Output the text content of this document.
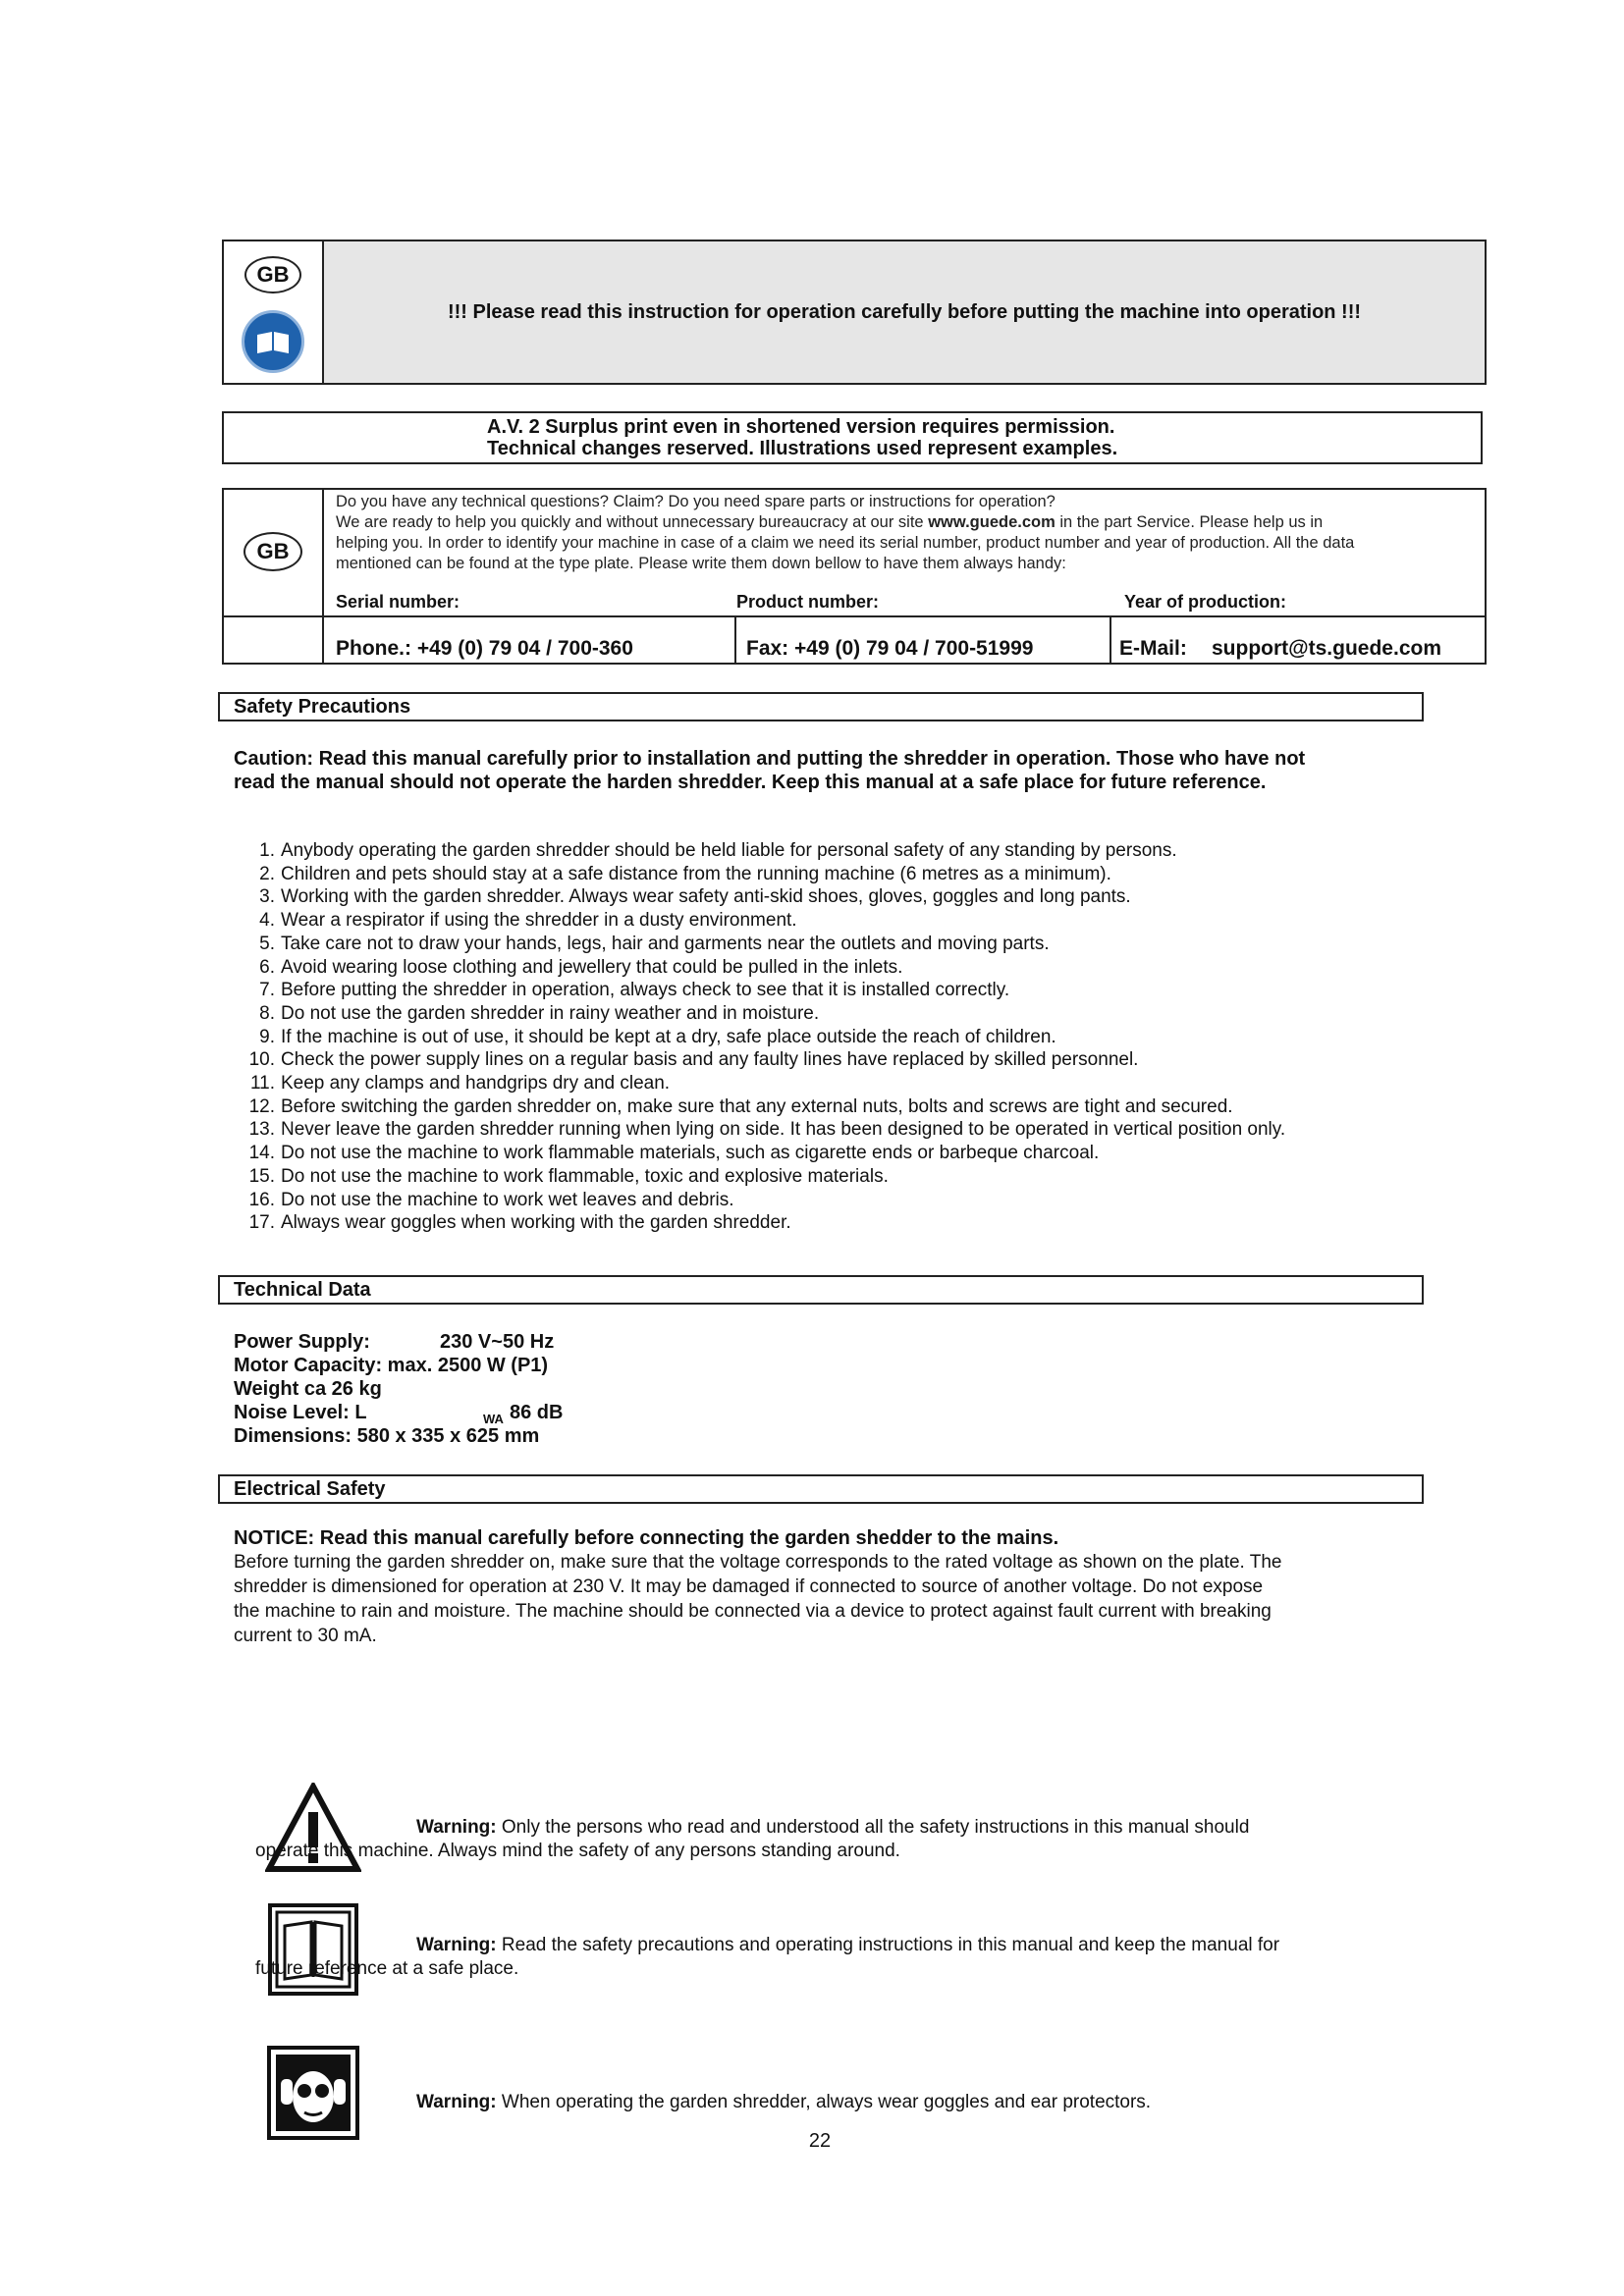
GB
!!! Please read this instruction for operation carefully before putting the machine into operation !!!
A.V. 2 Surplus print even in shortened version requires permission.
Technical changes reserved. Illustrations used represent examples.
GB
Do you have any technical questions? Claim? Do you need spare parts or instructions for operation?
We are ready to help you quickly and without unnecessary bureaucracy at our site www.guede.com in the part Service. Please help us in
helping you. In order to identify your machine in case of a claim we need its serial number, product number and year of production. All the data
mentioned can be found at the type plate. Please write them down bellow to have them always handy:
Serial number:	Product number:	Year of production:
Phone.: +49 (0) 79 04 / 700-360	Fax: +49 (0) 79 04 / 700-51999	E-Mail: support@ts.guede.com
Safety Precautions
Caution: Read this manual carefully prior to installation and putting the shredder in operation. Those who have not
read the manual should not operate the harden shredder. Keep this manual at a safe place for future reference.
1. Anybody operating the garden shredder should be held liable for personal safety of any standing by persons.
2. Children and pets should stay at a safe distance from the running machine (6 metres as a minimum).
3. Working with the garden shredder. Always wear safety anti-skid shoes, gloves, goggles and long pants.
4. Wear a respirator if using the shredder in a dusty environment.
5. Take care not to draw your hands, legs, hair and garments near the outlets and moving parts.
6. Avoid wearing loose clothing and jewellery that could be pulled in the inlets.
7. Before putting the shredder in operation, always check to see that it is installed correctly.
8. Do not use the garden shredder in rainy weather and in moisture.
9. If the machine is out of use, it should be kept at a dry, safe place outside the reach of children.
10. Check the power supply lines on a regular basis and any faulty lines have replaced by skilled personnel.
11. Keep any clamps and handgrips dry and clean.
12. Before switching the garden shredder on, make sure that any external nuts, bolts and screws are tight and secured.
13. Never leave the garden shredder running when lying on side. It has been designed to be operated in vertical position only.
14. Do not use the machine to work flammable materials, such as cigarette ends or barbeque charcoal.
15. Do not use the machine to work flammable, toxic and explosive materials.
16. Do not use the machine to work wet leaves and debris.
17. Always wear goggles when working with the garden shredder.
Technical Data
Power Supply:	230 V~50 Hz
Motor Capacity: max. 2500 W (P1)
Weight ca 26 kg
Noise Level: L	WA 86 dB
Dimensions: 580 x 335 x 625 mm
Electrical Safety
NOTICE: Read this manual carefully before connecting the garden shedder to the mains.
Before turning the garden shredder on, make sure that the voltage corresponds to the rated voltage as shown on the plate. The
shredder is dimensioned for operation at 230 V. It may be damaged if connected to source of another voltage. Do not expose
the machine to rain and moisture. The machine should be connected via a device to protect against fault current with breaking
current to 30 mA.
Warning: Only the persons who read and understood all the safety instructions in this manual should
operate this machine. Always mind the safety of any persons standing around.
Warning: Read the safety precautions and operating instructions in this manual and keep the manual for
future reference at a safe place.
Warning: When operating the garden shredder, always wear goggles and ear protectors.
22
